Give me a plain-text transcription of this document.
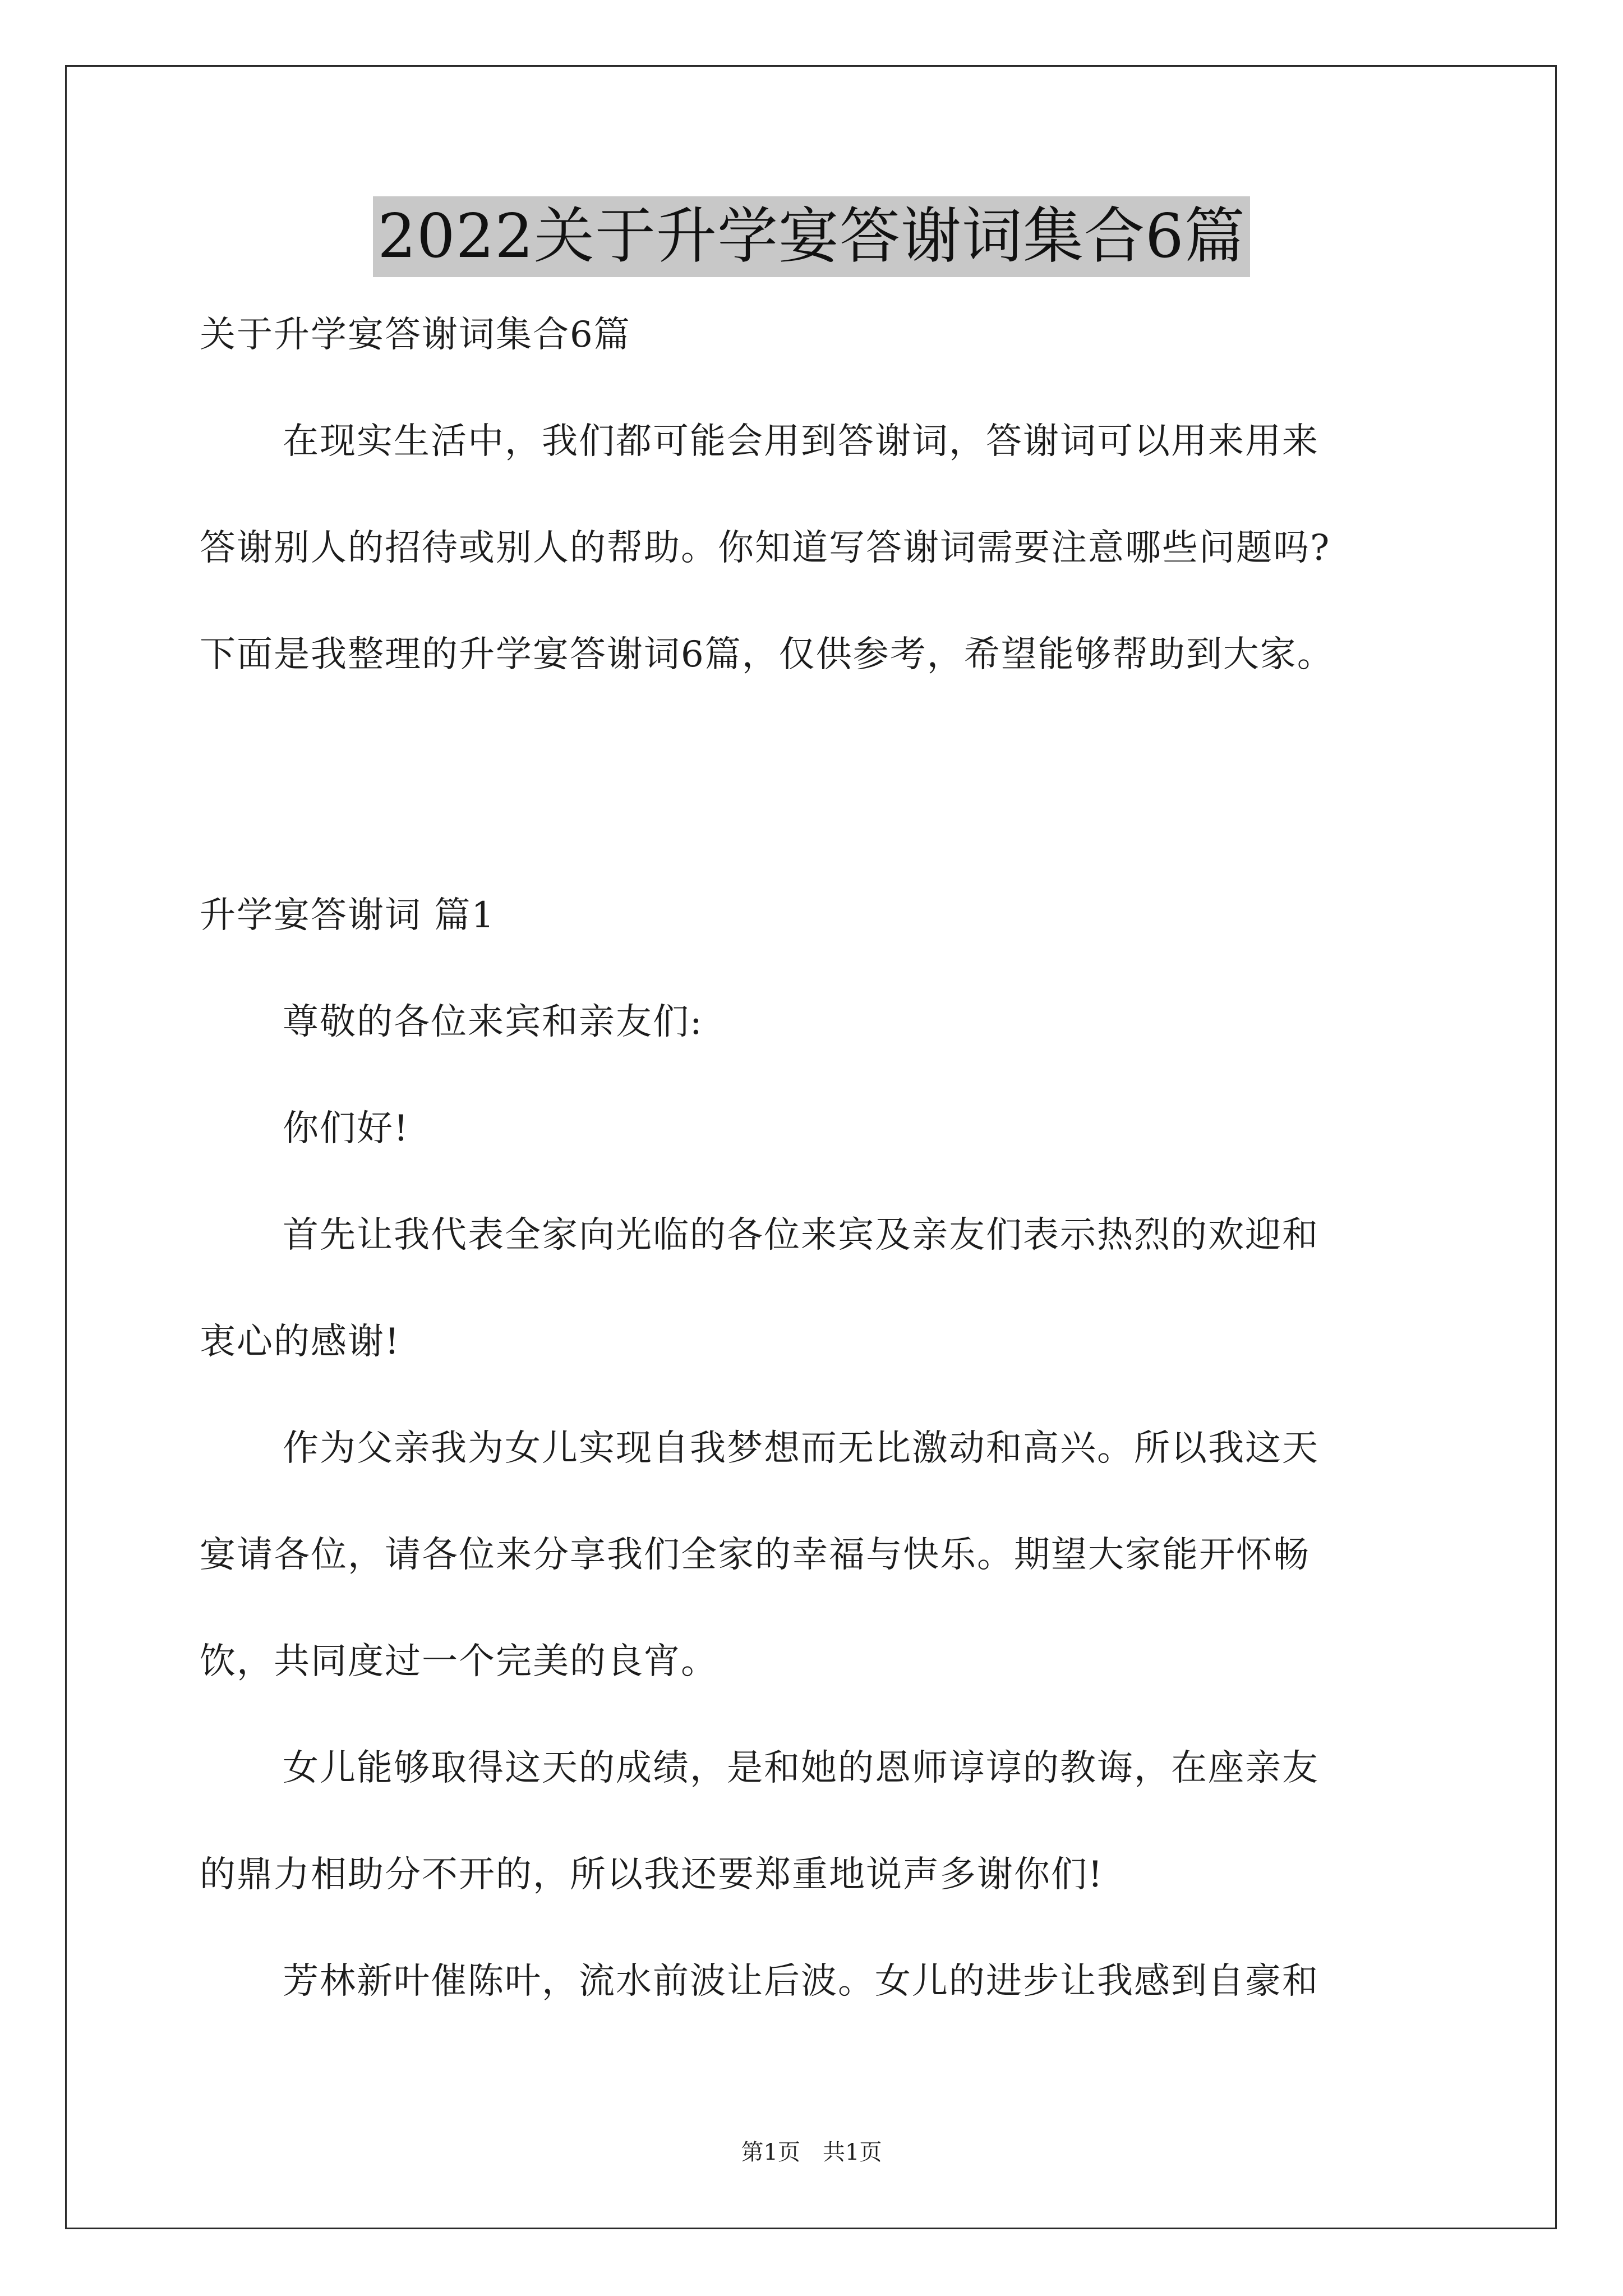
2022关于升学宴答谢词集合6篇
关于升学宴答谢词集合6篇
在现实生活中，我们都可能会用到答谢词，答谢词可以用来用来
答谢别人的招待或别人的帮助。你知道写答谢词需要注意哪些问题吗?
下面是我整理的升学宴答谢词6篇，仅供参考，希望能够帮助到大家。
升学宴答谢词 篇1
尊敬的各位来宾和亲友们:
你们好!
首先让我代表全家向光临的各位来宾及亲友们表示热烈的欢迎和
衷心的感谢!
作为父亲我为女儿实现自我梦想而无比激动和高兴。所以我这天
宴请各位，请各位来分享我们全家的幸福与快乐。期望大家能开怀畅
饮，共同度过一个完美的良宵。
女儿能够取得这天的成绩，是和她的恩师谆谆的教诲，在座亲友
的鼎力相助分不开的，所以我还要郑重地说声多谢你们!
芳林新叶催陈叶，流水前波让后波。女儿的进步让我感到自豪和
第1页　共1页
